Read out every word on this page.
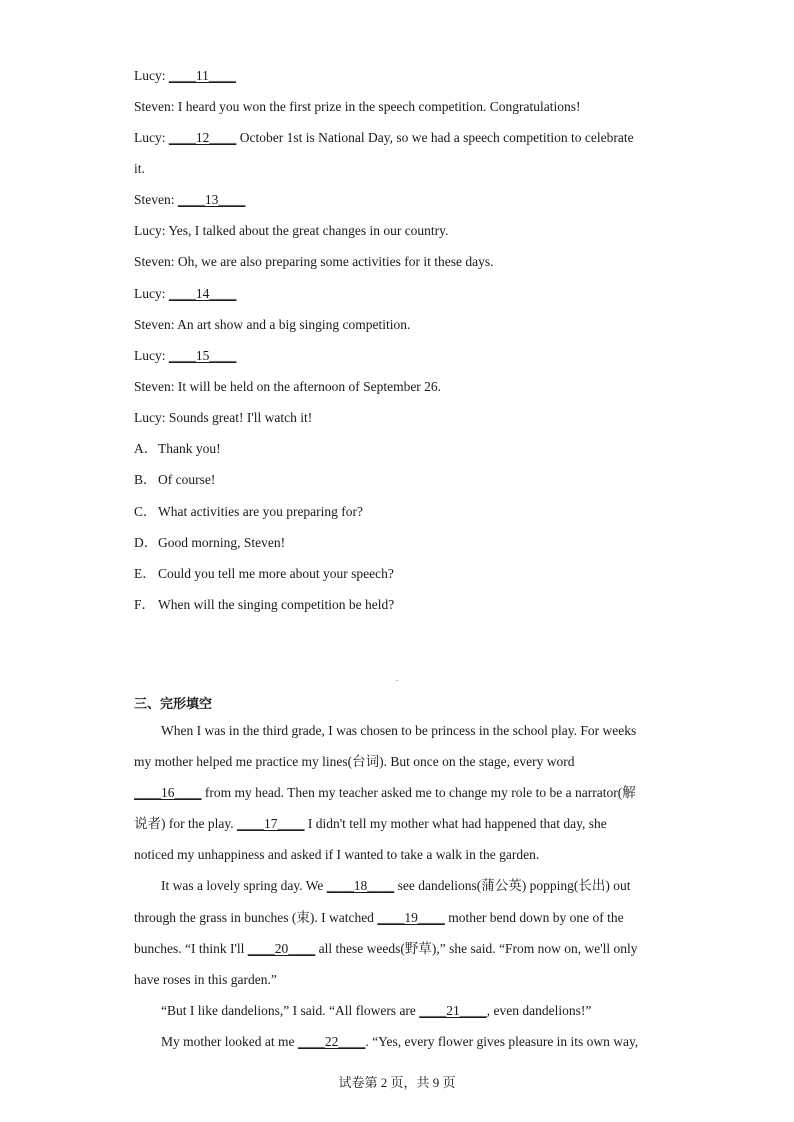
Lucy: ____11____
Steven: I heard you won the first prize in the speech competition. Congratulations!
Lucy: ____12____ October 1st is National Day, so we had a speech competition to celebrate
it.
Steven: ____13____
Lucy: Yes, I talked about the great changes in our country.
Steven: Oh, we are also preparing some activities for it these days.
Lucy: ____14____
Steven: An art show and a big singing competition.
Lucy: ____15____
Steven: It will be held on the afternoon of September 26.
Lucy: Sounds great! I'll watch it!
A．Thank you!
B．Of course!
C．What activities are you preparing for?
D．Good morning, Steven!
E． Could you tell me more about your speech?
F． When will the singing competition be held?
三、完形填空
When I was in the third grade, I was chosen to be princess in the school play. For weeks
my mother helped me practice my lines(台词). But once on the stage, every word
____16____ from my head. Then my teacher asked me to change my role to be a narrator(解
说者) for the play. ____17____ I didn't tell my mother what had happened that day, she
noticed my unhappiness and asked if I wanted to take a walk in the garden.
It was a lovely spring day. We ____18____ see dandelions(蒲公英) popping(长出) out
through the grass in bunches (束). I watched ____19____ mother bend down by one of the
bunches. “I think I'll ____20____ all these weeds(野草),” she said. “From now on, we'll only
have roses in this garden.”
“But I like dandelions,” I said. “All flowers are ____21____, even dandelions!”
My mother looked at me ____22____. “Yes, every flower gives pleasure in its own way,
试卷第 2 页，共 9 页
